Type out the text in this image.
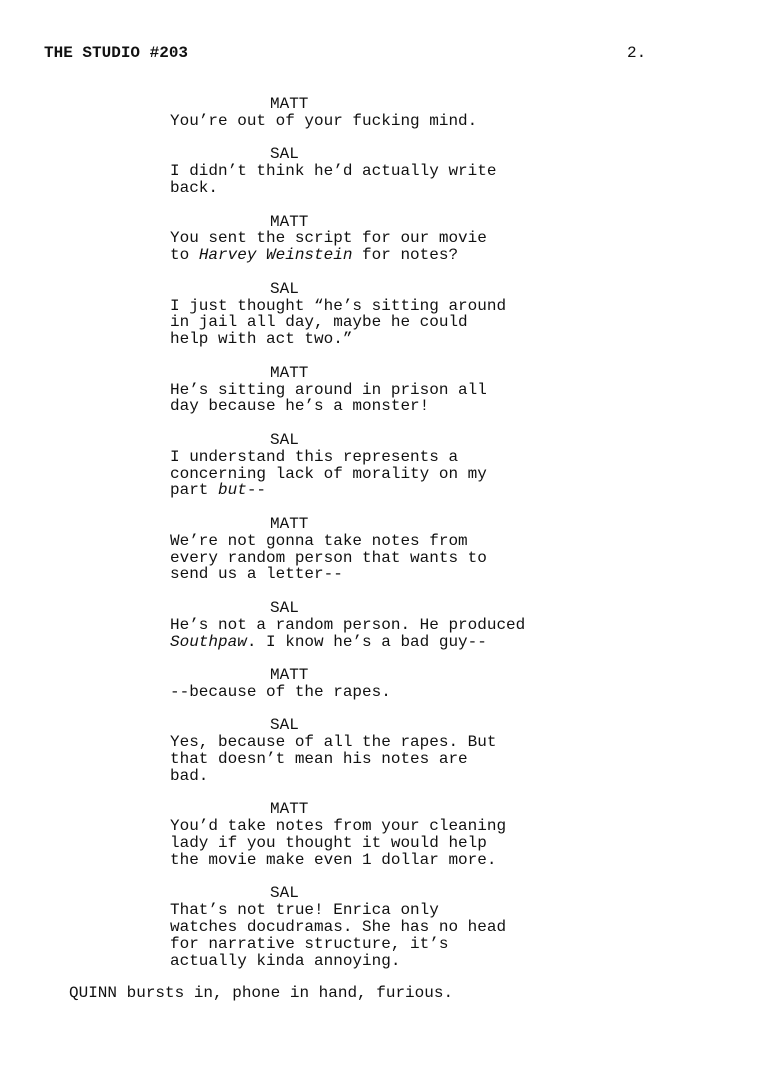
THE STUDIO #203	2.
MATT
You’re out of your fucking mind.
SAL
I didn’t think he’d actually write
back.
MATT
You sent the script for our movie
to Harvey Weinstein for notes?
SAL
I just thought “he’s sitting around
in jail all day, maybe he could
help with act two.”
MATT
He’s sitting around in prison all
day because he’s a monster!
SAL
I understand this represents a
concerning lack of morality on my
part but--
MATT
We’re not gonna take notes from
every random person that wants to
send us a letter--
SAL
He’s not a random person. He produced
Southpaw. I know he’s a bad guy--
MATT
--because of the rapes.
SAL
Yes, because of all the rapes. But
that doesn’t mean his notes are
bad.
MATT
You’d take notes from your cleaning
lady if you thought it would help
the movie make even 1 dollar more.
SAL
That’s not true! Enrica only
watches docudramas. She has no head
for narrative structure, it’s
actually kinda annoying.
QUINN bursts in, phone in hand, furious.
